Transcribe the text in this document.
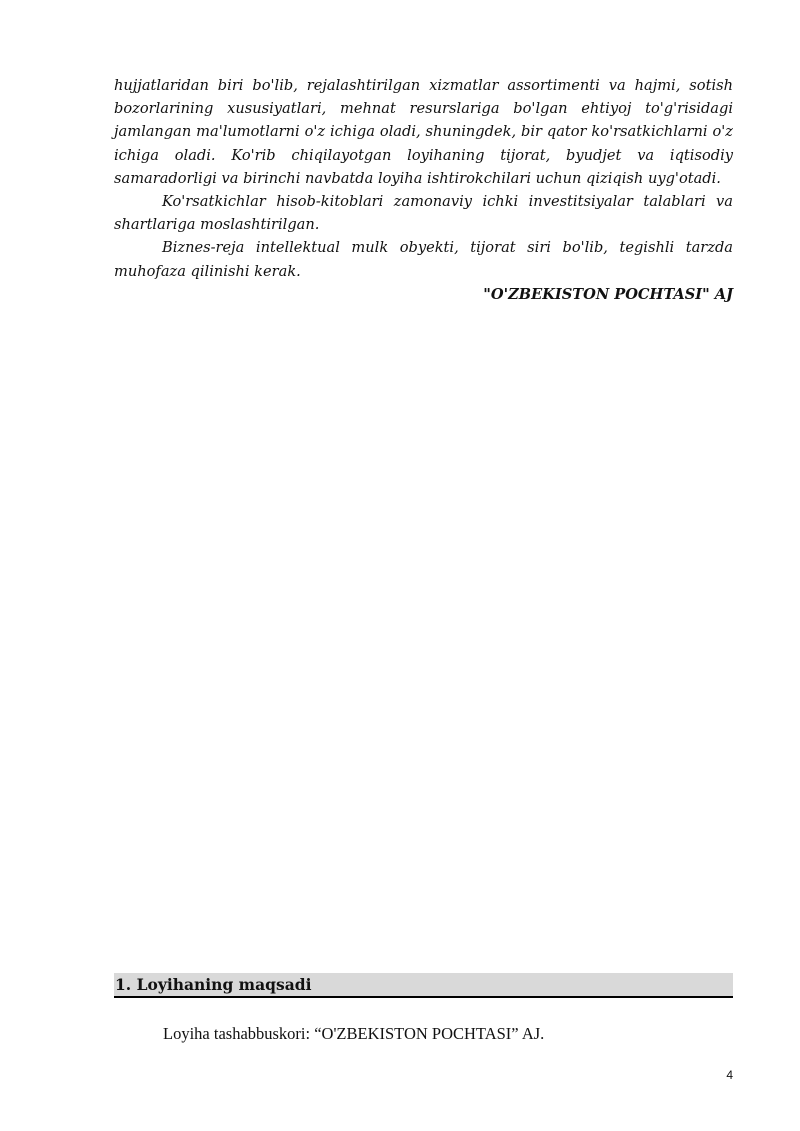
hujjatlaridan biri bo'lib, rejalashtirilgan xizmatlar assortimenti va hajmi, sotish bozorlarining xususiyatlari, mehnat resurslariga bo'lgan ehtiyoj to'g'risidagi jamlangan ma'lumotlarni o'z ichiga oladi, shuningdek, bir qator ko'rsatkichlarni o'z ichiga oladi. Ko'rib chiqilayotgan loyihaning tijorat, byudjet va iqtisodiy samaradorligi va birinchi navbatda loyiha ishtirokchilari uchun qiziqish uyg'otadi.

Ko'rsatkichlar hisob-kitoblari zamonaviy ichki investitsiyalar talablari va shartlariga moslashtirilgan.

Biznes-reja intellektual mulk obyekti, tijorat siri bo'lib, tegishli tarzda muhofaza qilinishi kerak.

"O'ZBEKISTON POCHTASI" AJ

1. Loyihaning maqsadi
Loyiha tashabbuskori: “O'ZBEKISTON POCHTASI” AJ.
4
